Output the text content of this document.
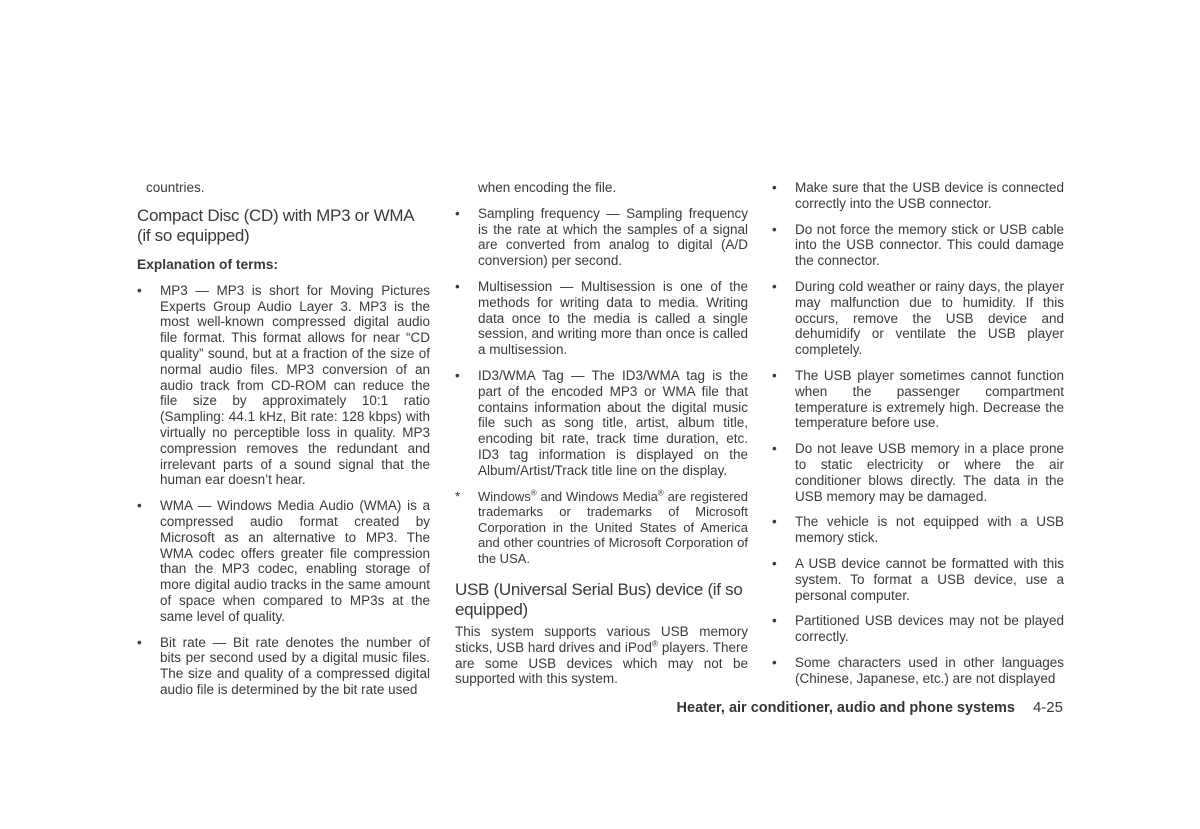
countries.

Compact Disc (CD) with MP3 or WMA (if so equipped)
Explanation of terms:
•	MP3 — MP3 is short for Moving Pictures Experts Group Audio Layer 3. MP3 is the most well-known compressed digital audio file format. This format allows for near “CD quality” sound, but at a fraction of the size of normal audio files. MP3 conversion of an audio track from CD-ROM can reduce the file size by approximately 10:1 ratio (Sampling: 44.1 kHz, Bit rate: 128 kbps) with virtually no perceptible loss in quality. MP3 compression removes the redundant and irrelevant parts of a sound signal that the human ear doesn’t hear.

•	WMA — Windows Media Audio (WMA) is a compressed audio format created by Microsoft as an alternative to MP3. The WMA codec offers greater file compression than the MP3 codec, enabling storage of more digital audio tracks in the same amount of space when compared to MP3s at the same level of quality.

•	Bit rate — Bit rate denotes the number of bits per second used by a digital music files. The size and quality of a compressed digital audio file is determined by the bit rate used

when encoding the file.

•	Sampling frequency — Sampling frequency is the rate at which the samples of a signal are converted from analog to digital (A/D conversion) per second.

•	Multisession — Multisession is one of the methods for writing data to media. Writing data once to the media is called a single session, and writing more than once is called a multisession.

•	ID3/WMA Tag — The ID3/WMA tag is the part of the encoded MP3 or WMA file that contains information about the digital music file such as song title, artist, album title, encoding bit rate, track time duration, etc. ID3 tag information is displayed on the Album/Artist/Track title line on the display.

*	Windows® and Windows Media® are registered trademarks or trademarks of Microsoft Corporation in the United States of America and other countries of Microsoft Corporation of the USA.

USB (Universal Serial Bus) device (if so equipped)

This system supports various USB memory sticks, USB hard drives and iPod® players. There are some USB devices which may not be supported with this system.

•	Make sure that the USB device is connected correctly into the USB connector.

•	Do not force the memory stick or USB cable into the USB connector. This could damage the connector.

•	During cold weather or rainy days, the player may malfunction due to humidity. If this occurs, remove the USB device and dehumidify or ventilate the USB player completely.

•	The USB player sometimes cannot function when the passenger compartment temperature is extremely high. Decrease the temperature before use.

•	Do not leave USB memory in a place prone to static electricity or where the air conditioner blows directly. The data in the USB memory may be damaged.

•	The vehicle is not equipped with a USB memory stick.

•	A USB device cannot be formatted with this system. To format a USB device, use a personal computer.

•	Partitioned USB devices may not be played correctly.

•	Some characters used in other languages (Chinese, Japanese, etc.) are not displayed

Heater, air conditioner, audio and phone systems 4-25
